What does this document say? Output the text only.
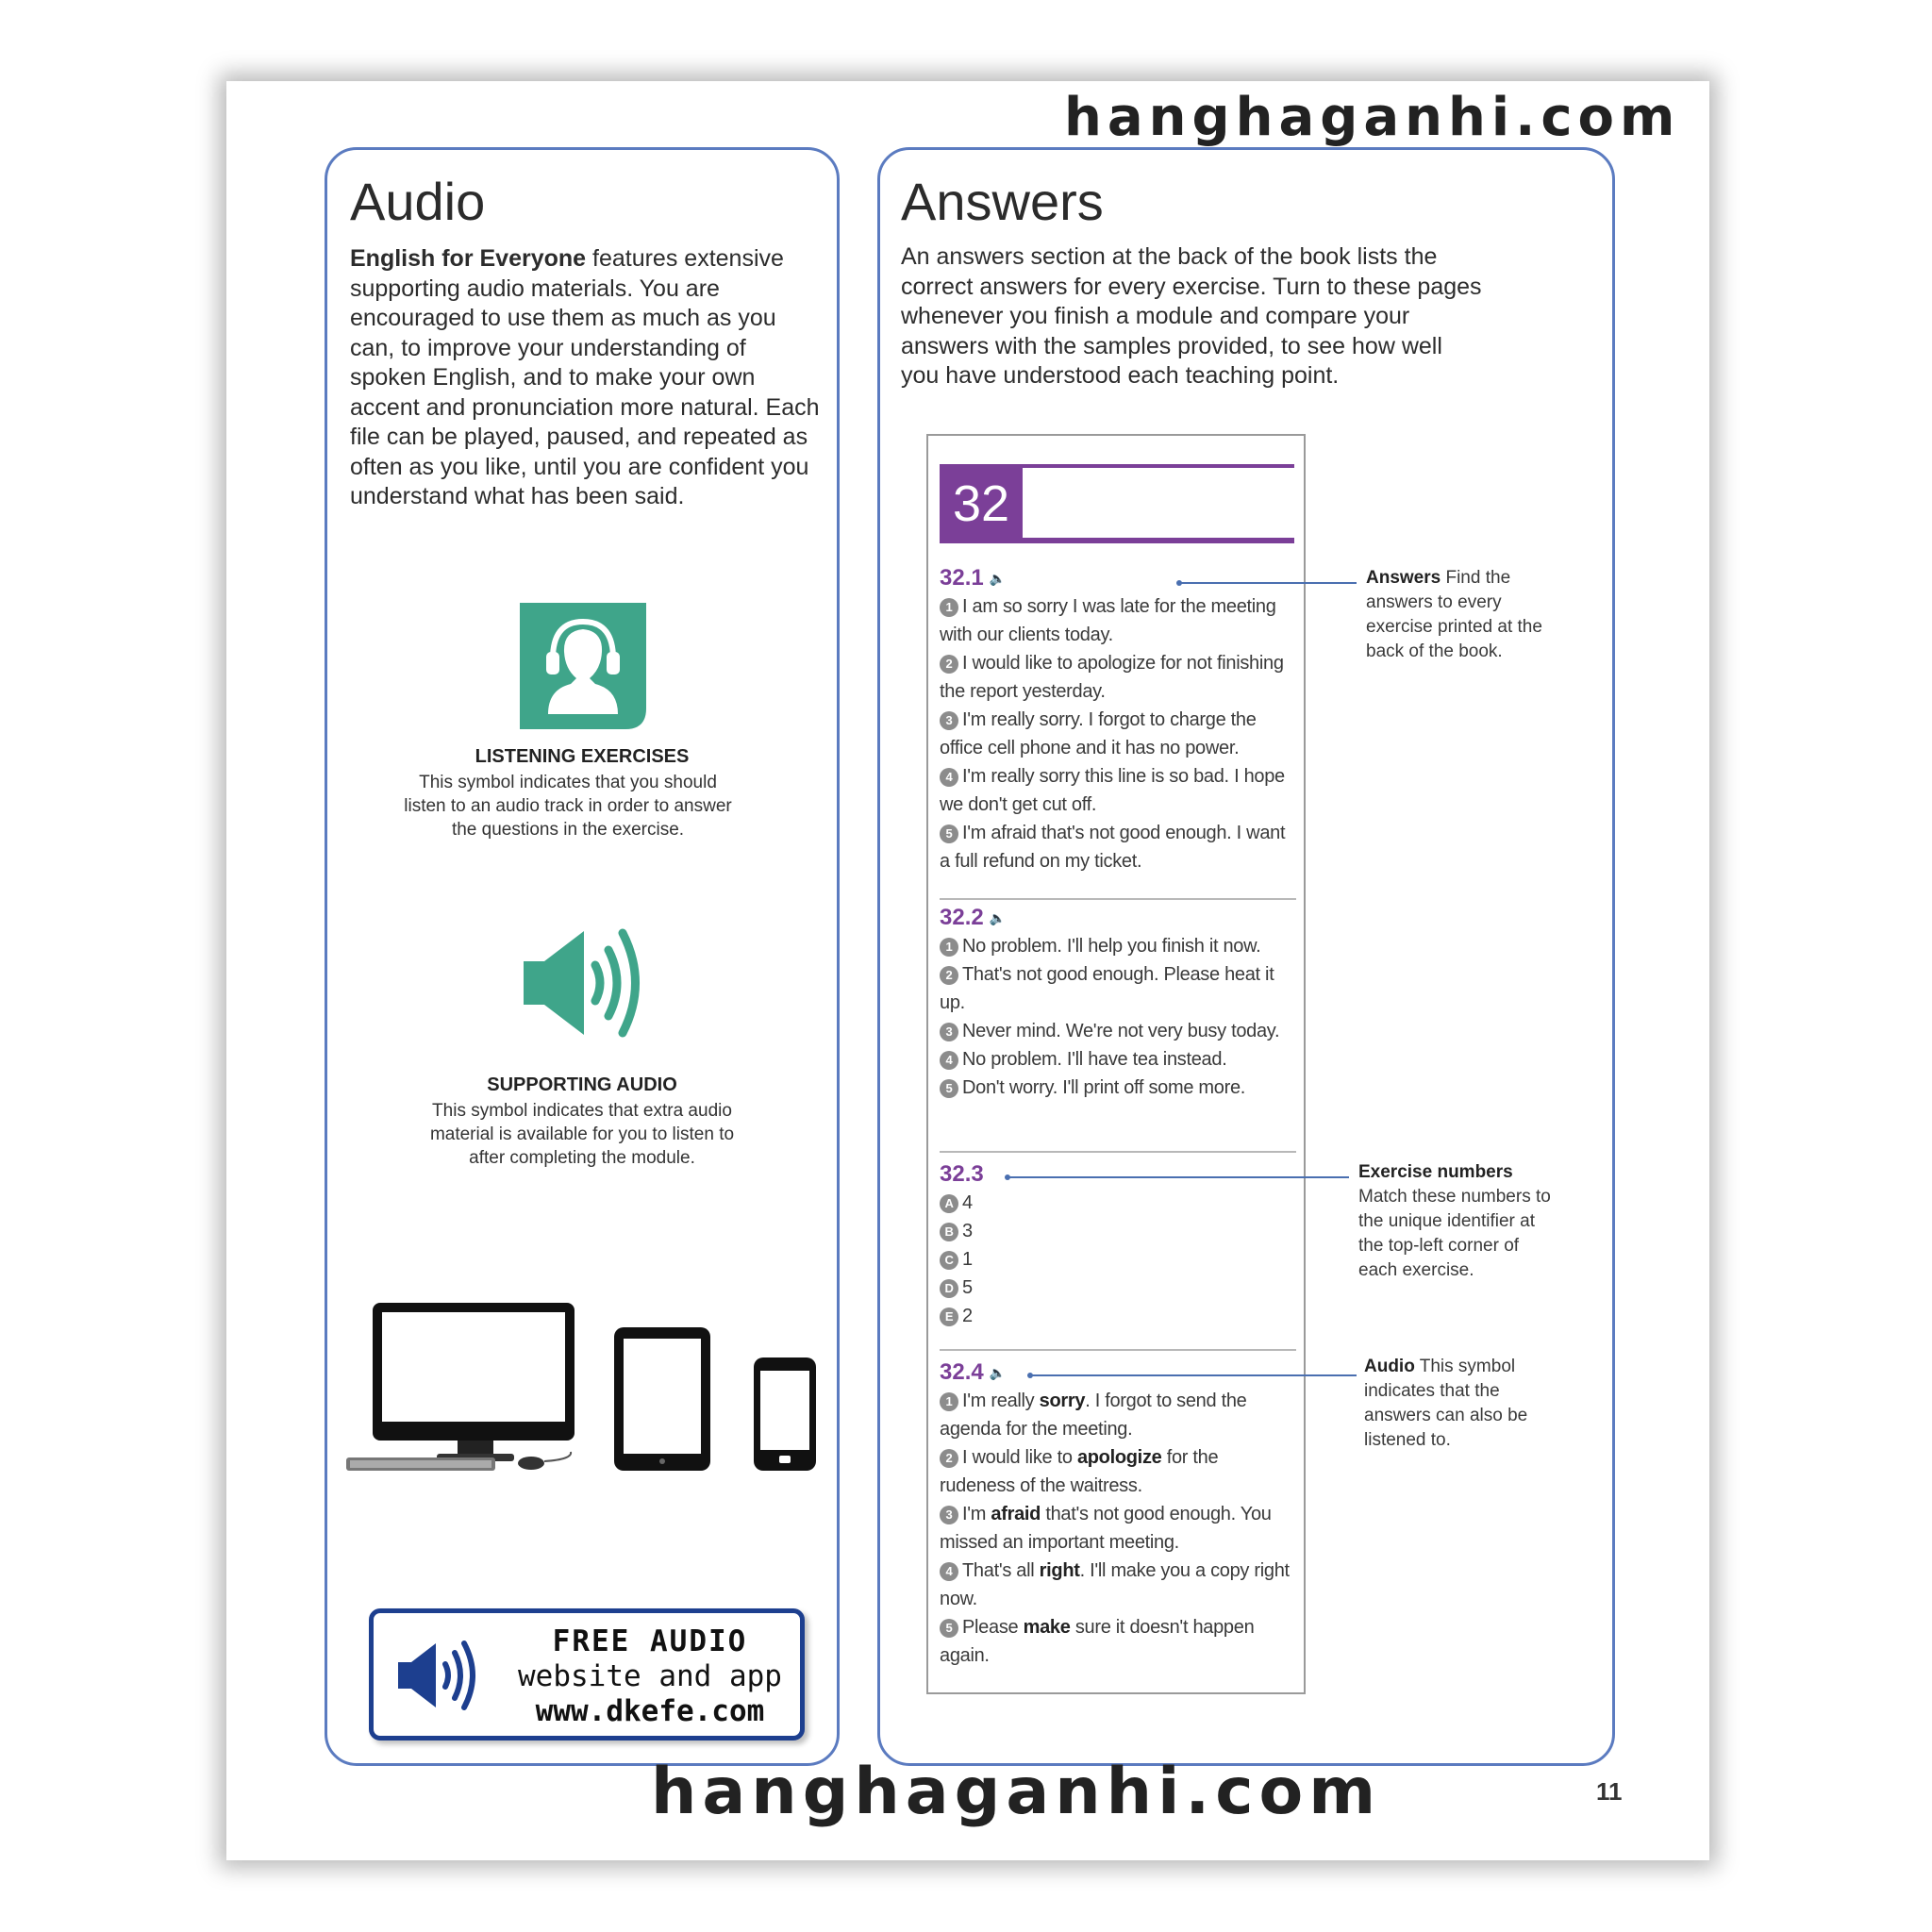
Audio
English for Everyone features extensive supporting audio materials. You are encouraged to use them as much as you can, to improve your understanding of spoken English, and to make your own accent and pronunciation more natural. Each file can be played, paused, and repeated as often as you like, until you are confident you understand what has been said.
LISTENING EXERCISES
This symbol indicates that you should listen to an audio track in order to answer the questions in the exercise.
SUPPORTING AUDIO
This symbol indicates that extra audio material is available for you to listen to after completing the module.
FREE AUDIO
website and app
www.dkefe.com
Answers
An answers section at the back of the book lists the correct answers for every exercise. Turn to these pages whenever you finish a module and compare your answers with the samples provided, to see how well you have understood each teaching point.
32
32.1 🔈
1 I am so sorry I was late for the meeting with our clients today.
2 I would like to apologize for not finishing the report yesterday.
3 I'm really sorry. I forgot to charge the office cell phone and it has no power.
4 I'm really sorry this line is so bad. I hope we don't get cut off.
5 I'm afraid that's not good enough. I want a full refund on my ticket.
32.2 🔈
1 No problem. I'll help you finish it now.
2 That's not good enough. Please heat it up.
3 Never mind. We're not very busy today.
4 No problem. I'll have tea instead.
5 Don't worry. I'll print off some more.
32.3
A 4
B 3
C 1
D 5
E 2
32.4 🔈
1 I'm really sorry. I forgot to send the agenda for the meeting.
2 I would like to apologize for the rudeness of the waitress.
3 I'm afraid that's not good enough. You missed an important meeting.
4 That's all right. I'll make you a copy right now.
5 Please make sure it doesn't happen again.
Answers Find the answers to every exercise printed at the back of the book.
Exercise numbers Match these numbers to the unique identifier at the top-left corner of each exercise.
Audio This symbol indicates that the answers can also be listened to.
11
hanghaganhi.com
hanghaganhi.com
